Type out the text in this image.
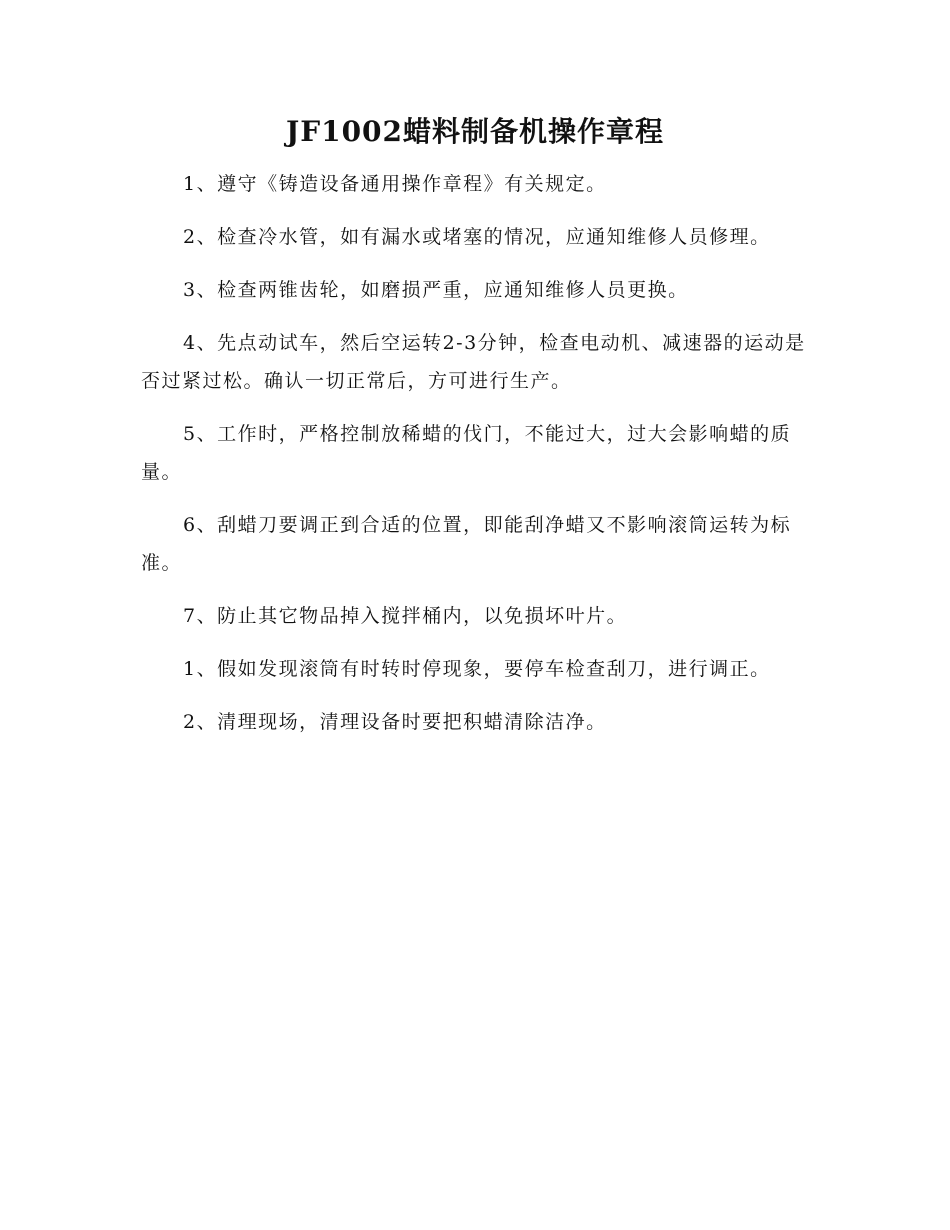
JF1002蜡料制备机操作章程

1、遵守《铸造设备通用操作章程》有关规定。

2、检查冷水管，如有漏水或堵塞的情况，应通知维修人员修理。

3、检查两锥齿轮，如磨损严重，应通知维修人员更换。

4、先点动试车，然后空运转2-3分钟，检查电动机、减速器的运动是否过紧过松。确认一切正常后，方可进行生产。

5、工作时，严格控制放稀蜡的伐门，不能过大，过大会影响蜡的质量。

6、刮蜡刀要调正到合适的位置，即能刮净蜡又不影响滚筒运转为标准。

7、防止其它物品掉入搅拌桶内，以免损坏叶片。

1、假如发现滚筒有时转时停现象，要停车检查刮刀，进行调正。

2、清理现场，清理设备时要把积蜡清除洁净。
